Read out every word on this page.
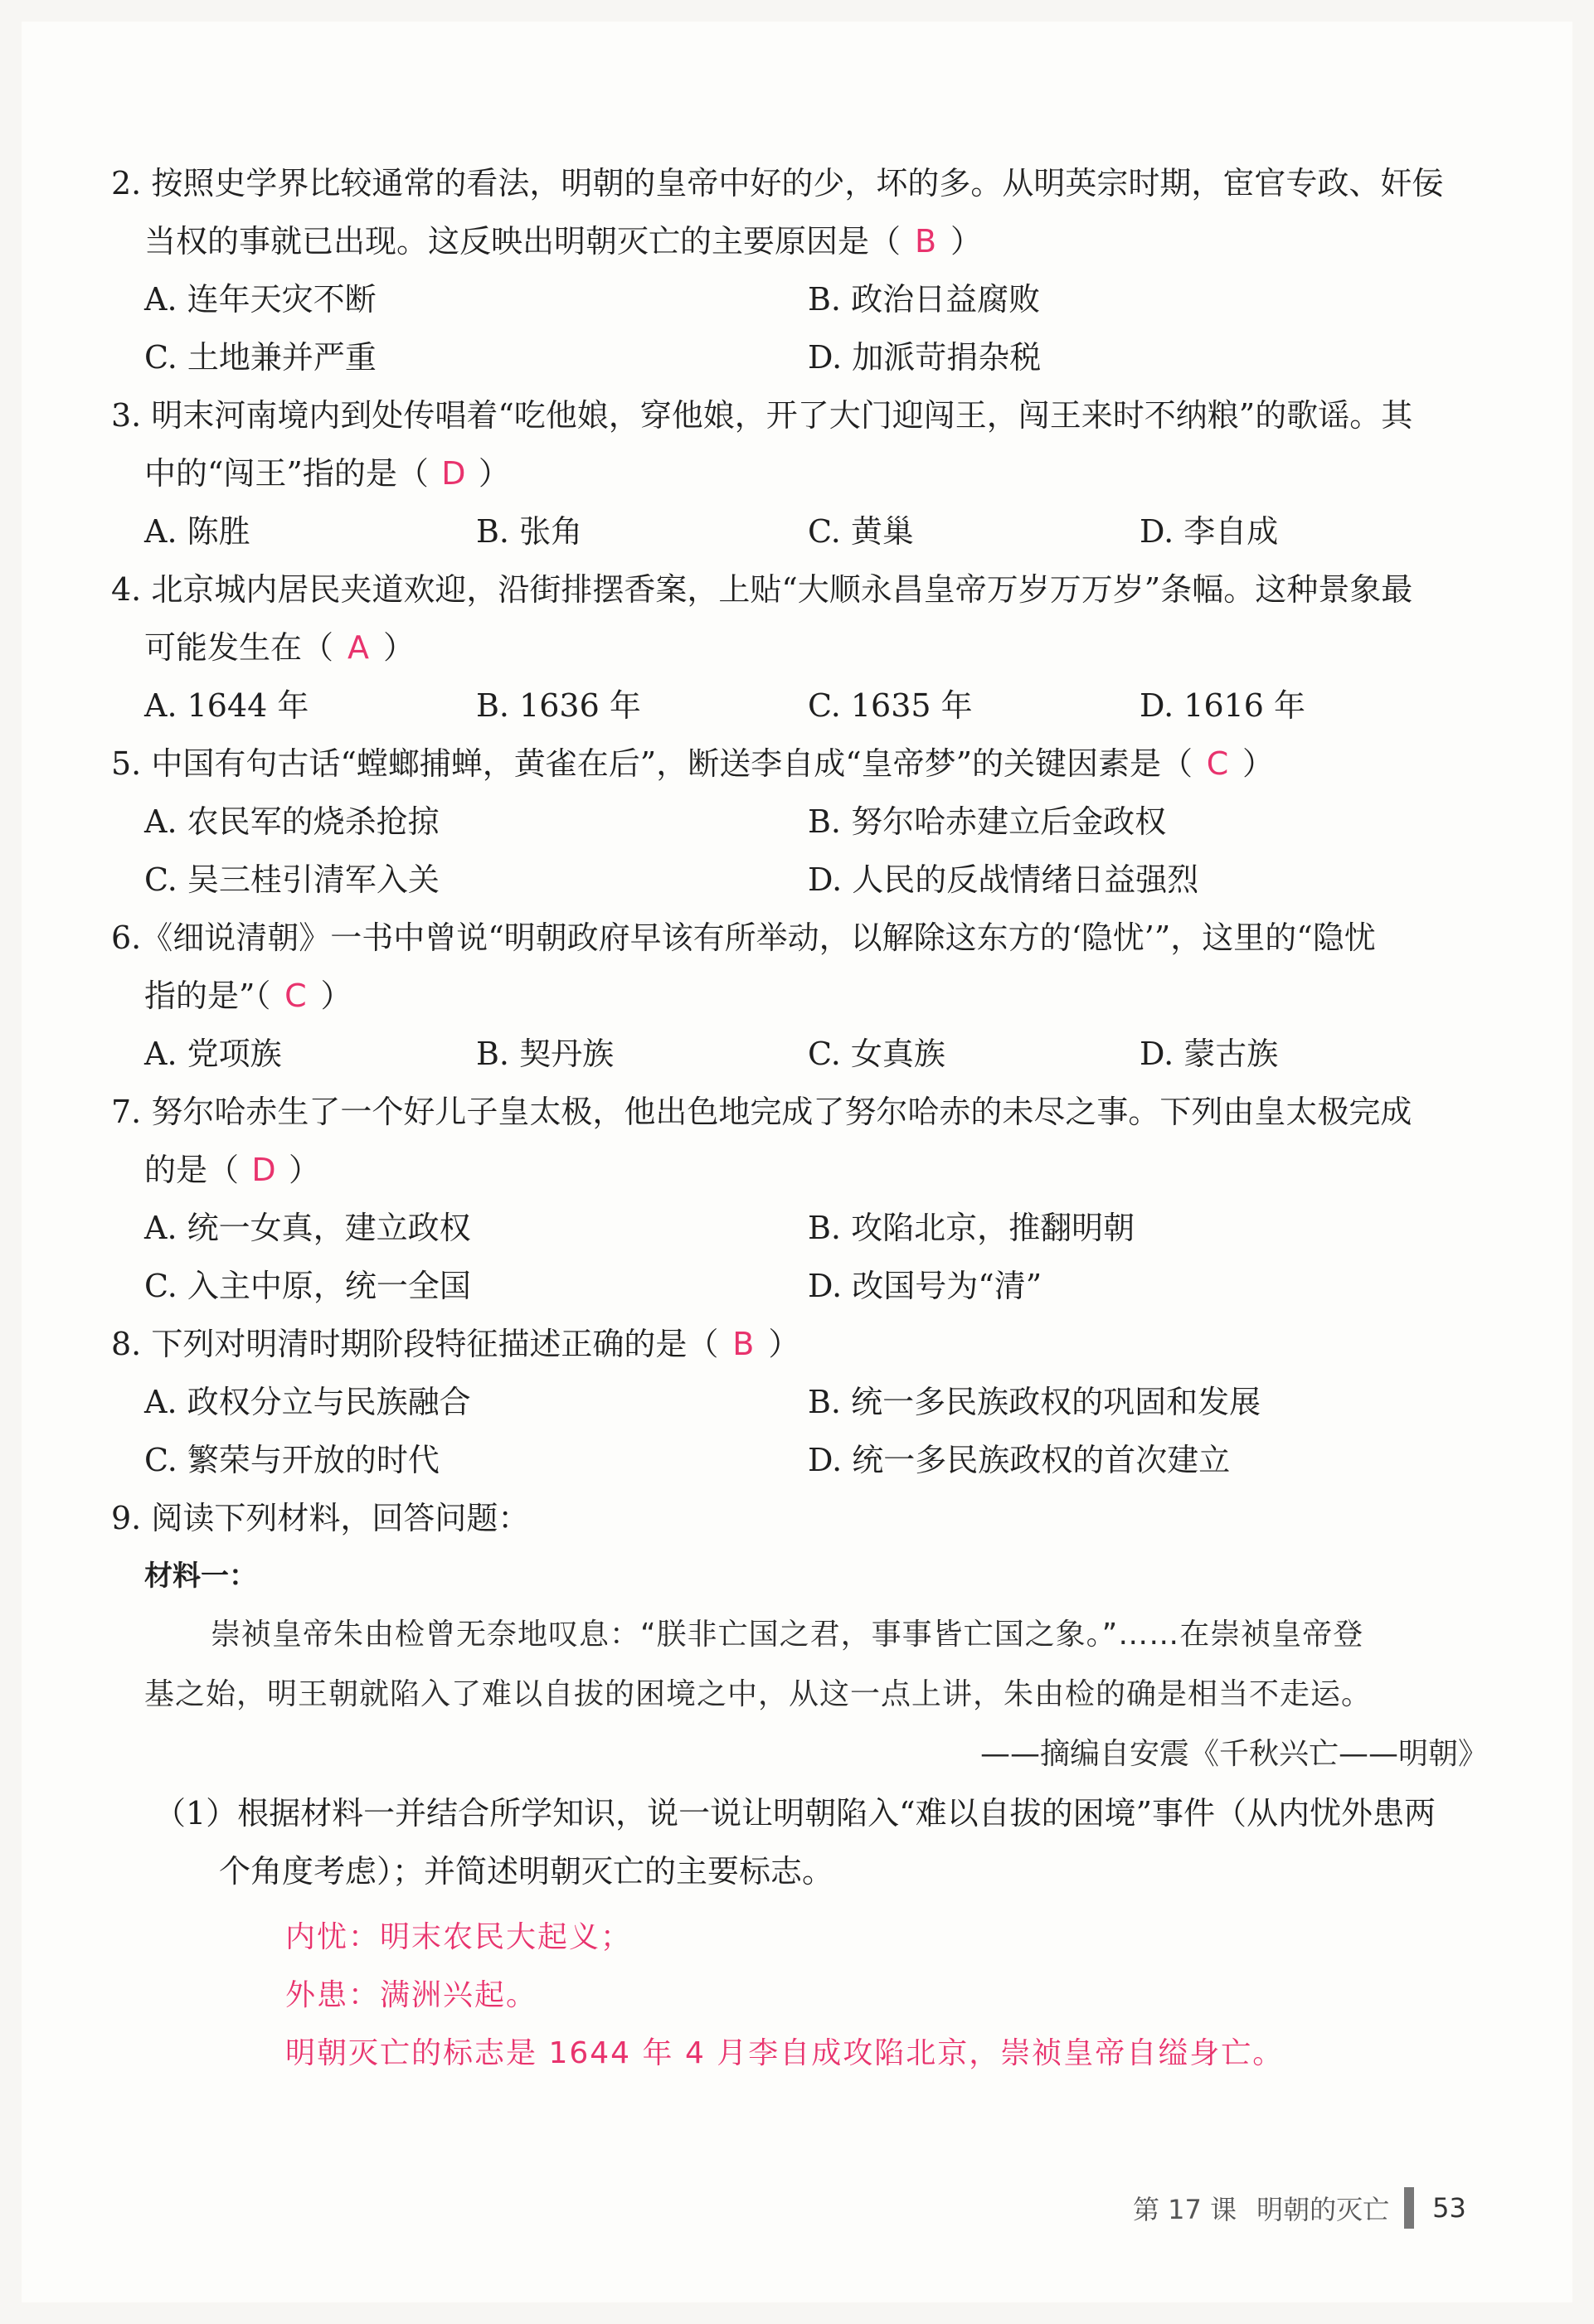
2. 按照史学界比较通常的看法，明朝的皇帝中好的少，坏的多。从明英宗时期，宦官专政、奸佞
当权的事就已出现。这反映出明朝灭亡的主要原因是（ B ）
A. 连年天灾不断	B. 政治日益腐败
C. 土地兼并严重	D. 加派苛捐杂税
3. 明末河南境内到处传唱着“吃他娘，穿他娘，开了大门迎闯王，闯王来时不纳粮”的歌谣。其
中的“闯王”指的是（ D ）
A. 陈胜	B. 张角	C. 黄巢	D. 李自成
4. 北京城内居民夹道欢迎，沿街排摆香案，上贴“大顺永昌皇帝万岁万万岁”条幅。这种景象最
可能发生在（ A ）
A. 1644 年	B. 1636 年	C. 1635 年	D. 1616 年
5. 中国有句古话“螳螂捕蝉，黄雀在后”，断送李自成“皇帝梦”的关键因素是（ C ）
A. 农民军的烧杀抢掠	B. 努尔哈赤建立后金政权
C. 吴三桂引清军入关	D. 人民的反战情绪日益强烈
6.《细说清朝》一书中曾说“明朝政府早该有所举动，以解除这东方的‘隐忧’”，这里的“隐忧
指的是”（ C ）
A. 党项族	B. 契丹族	C. 女真族	D. 蒙古族
7. 努尔哈赤生了一个好儿子皇太极，他出色地完成了努尔哈赤的未尽之事。下列由皇太极完成
的是（ D ）
A. 统一女真，建立政权	B. 攻陷北京，推翻明朝
C. 入主中原，统一全国	D. 改国号为“清”
8. 下列对明清时期阶段特征描述正确的是（ B ）
A. 政权分立与民族融合	B. 统一多民族政权的巩固和发展
C. 繁荣与开放的时代	D. 统一多民族政权的首次建立
9. 阅读下列材料，回答问题：
材料一：
崇祯皇帝朱由检曾无奈地叹息：“朕非亡国之君，事事皆亡国之象。”……在崇祯皇帝登
基之始，明王朝就陷入了难以自拔的困境之中，从这一点上讲，朱由检的确是相当不走运。
——摘编自安震《千秋兴亡——明朝》
（1）根据材料一并结合所学知识，说一说让明朝陷入“难以自拔的困境”事件（从内忧外患两
个角度考虑）；并简述明朝灭亡的主要标志。
内忧：明末农民大起义；
外患：满洲兴起。
明朝灭亡的标志是 1644 年 4 月李自成攻陷北京，崇祯皇帝自缢身亡。
第 17 课 明朝的灭亡 53
